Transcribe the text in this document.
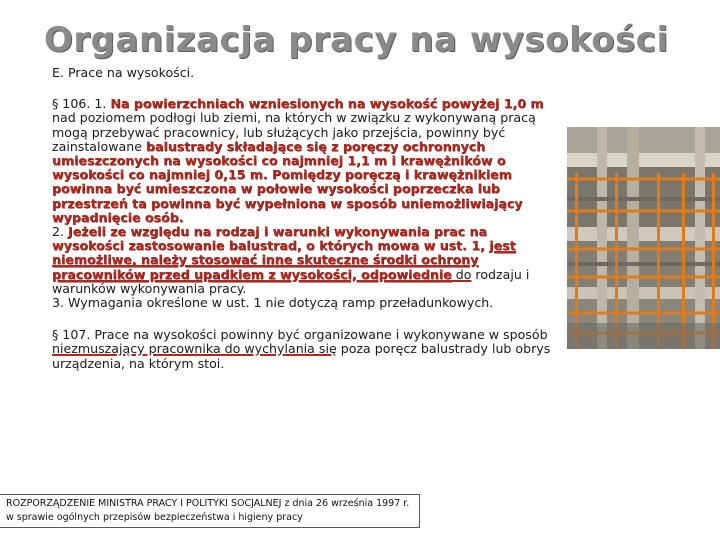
Organizacja pracy na wysokości

E. Prace na wysokości.

§ 106. 1. Na powierzchniach wzniesionych na wysokość powyżej 1,0 m nad poziomem podłogi lub ziemi, na których w związku z wykonywaną pracą mogą przebywać pracownicy, lub służących jako przejścia, powinny być zainstalowane balustrady składające się z poręczy ochronnych umieszczonych na wysokości co najmniej 1,1 m i krawężników o wysokości co najmniej 0,15 m. Pomiędzy poręczą i krawężnikiem powinna być umieszczona w połowie wysokości poprzeczka lub przestrzeń ta powinna być wypełniona w sposób uniemożliwiający wypadnięcie osób.

2. Jeżeli ze względu na rodzaj i warunki wykonywania prac na wysokości zastosowanie balustrad, o których mowa w ust. 1, jest niemożliwe, należy stosować inne skuteczne środki ochrony pracowników przed upadkiem z wysokości, odpowiednie do rodzaju i warunków wykonywania pracy.

3. Wymagania określone w ust. 1 nie dotyczą ramp przeładunkowych.

§ 107. Prace na wysokości powinny być organizowane i wykonywane w sposób niezmuszający pracownika do wychylania się poza poręcz balustrady lub obrys urządzenia, na którym stoi.

ROZPORZĄDZENIE MINISTRA PRACY I POLITYKI SOCJALNEJ z dnia 26 września 1997 r.
w sprawie ogólnych przepisów bezpieczeństwa i higieny pracy
